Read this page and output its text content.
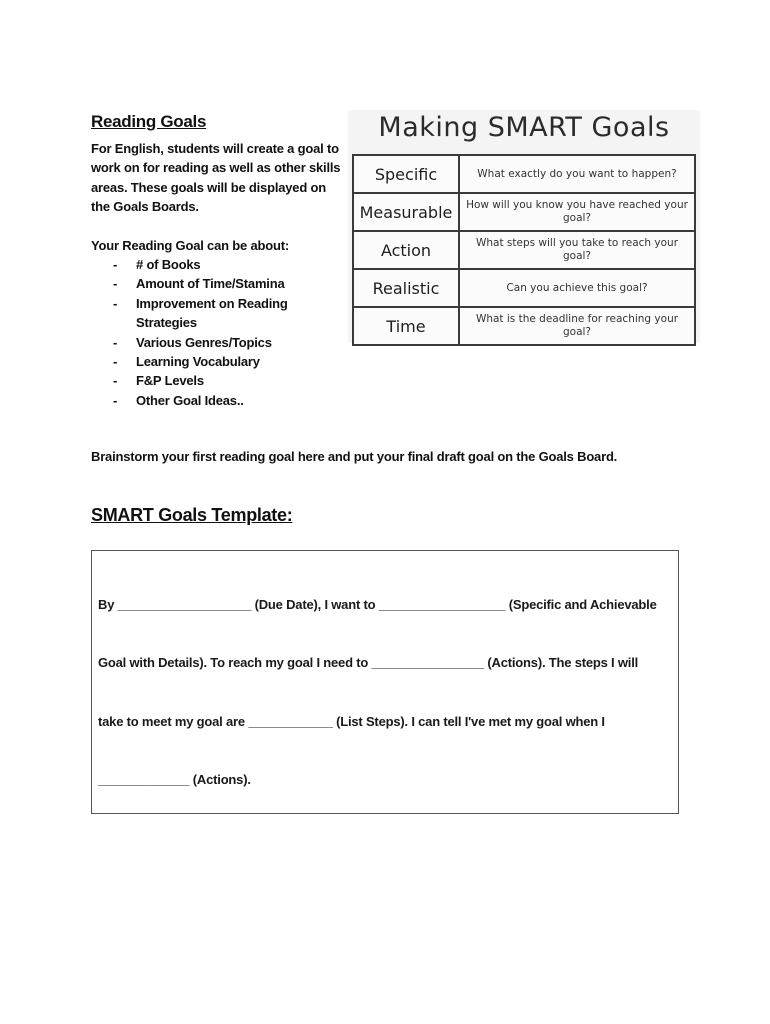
Reading Goals

For English, students will create a goal to work on for reading as well as other skills areas. These goals will be displayed on the Goals Boards.

Your Reading Goal can be about:

- # of Books
- Amount of Time/Stamina
- Improvement on Reading Strategies
- Various Genres/Topics
- Learning Vocabulary
- F&P Levels
- Other Goal Ideas..
Making SMART Goals
Specific	What exactly do you want to happen?
Measurable	How will you know you have reached your goal?
Action	What steps will you take to reach your goal?
Realistic	Can you achieve this goal?
Time	What is the deadline for reaching your goal?

Brainstorm your first reading goal here and put your final draft goal on the Goals Board.

SMART Goals Template:
By ___________________ (Due Date), I want to __________________ (Specific and Achievable
Goal with Details). To reach my goal I need to ________________ (Actions). The steps I will
take to meet my goal are ____________ (List Steps). I can tell I've met my goal when I
_____________ (Actions).
